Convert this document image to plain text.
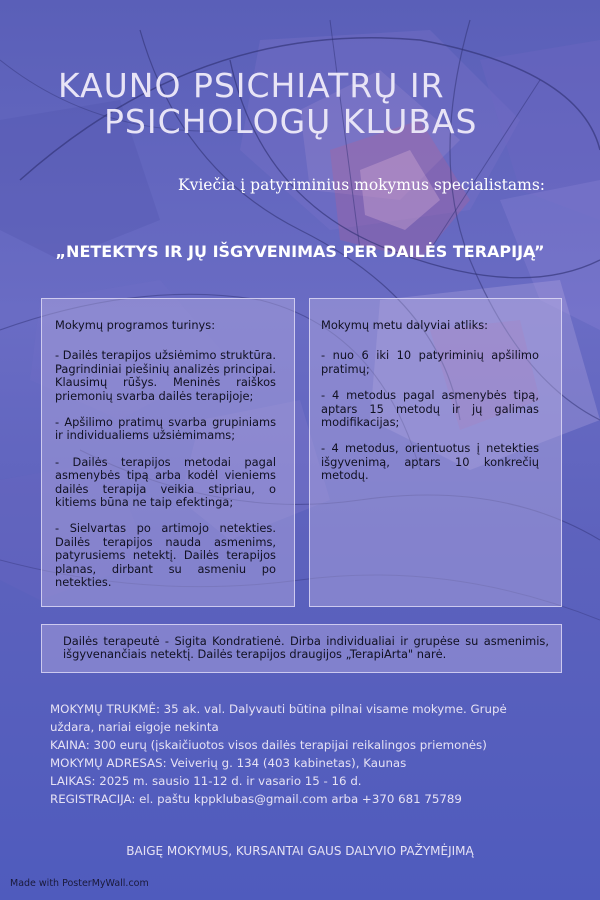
KAUNO PSICHIATRŲ IR
PSICHOLOGŲ KLUBAS
Kviečia į patyriminius mokymus specialistams:
„NETEKTYS IR JŲ IŠGYVENIMAS PER DAILĖS TERAPIJĄ”
Mokymų programos turinys:

- Dailės terapijos užsiėmimo struktūra. Pagrindiniai piešinių analizės principai. Klausimų rūšys. Meninės raiškos priemonių svarba dailės terapijoje;

- Apšilimo pratimų svarba grupiniams ir individualiems užsiėmimams;

- Dailės terapijos metodai pagal asmenybės tipą arba kodėl vieniems dailės terapija veikia stipriau, o kitiems būna ne taip efektinga;

- Sielvartas po artimojo netekties. Dailės terapijos nauda asmenims, patyrusiems netektį. Dailės terapijos planas, dirbant su asmeniu po netekties.

Mokymų metu dalyviai atliks:

- nuo 6 iki 10 patyriminių apšilimo pratimų;

- 4 metodus pagal asmenybės tipą, aptars 15 metodų ir jų galimas modifikacijas;

- 4 metodus, orientuotus į netekties išgyvenimą, aptars 10 konkrečių metodų.

Dailės terapeutė - Sigita Kondratienė. Dirba individualiai ir grupėse su asmenimis, išgyvenančiais netektį. Dailės terapijos draugijos „TerapiArta" narė.
MOKYMŲ TRUKMĖ: 35 ak. val. Dalyvauti būtina pilnai visame mokyme. Grupė uždara, nariai eigoje nekinta
KAINA: 300 eurų (įskaičiuotos visos dailės terapijai reikalingos priemonės)
MOKYMŲ ADRESAS: Veiverių g. 134 (403 kabinetas), Kaunas
LAIKAS: 2025 m. sausio 11-12 d. ir vasario 15 - 16 d.
REGISTRACIJA: el. paštu kppklubas@gmail.com arba +370 681 75789
BAIGĘ MOKYMUS, KURSANTAI GAUS DALYVIO PAŽYMĖJIMĄ
Made with PosterMyWall.com
